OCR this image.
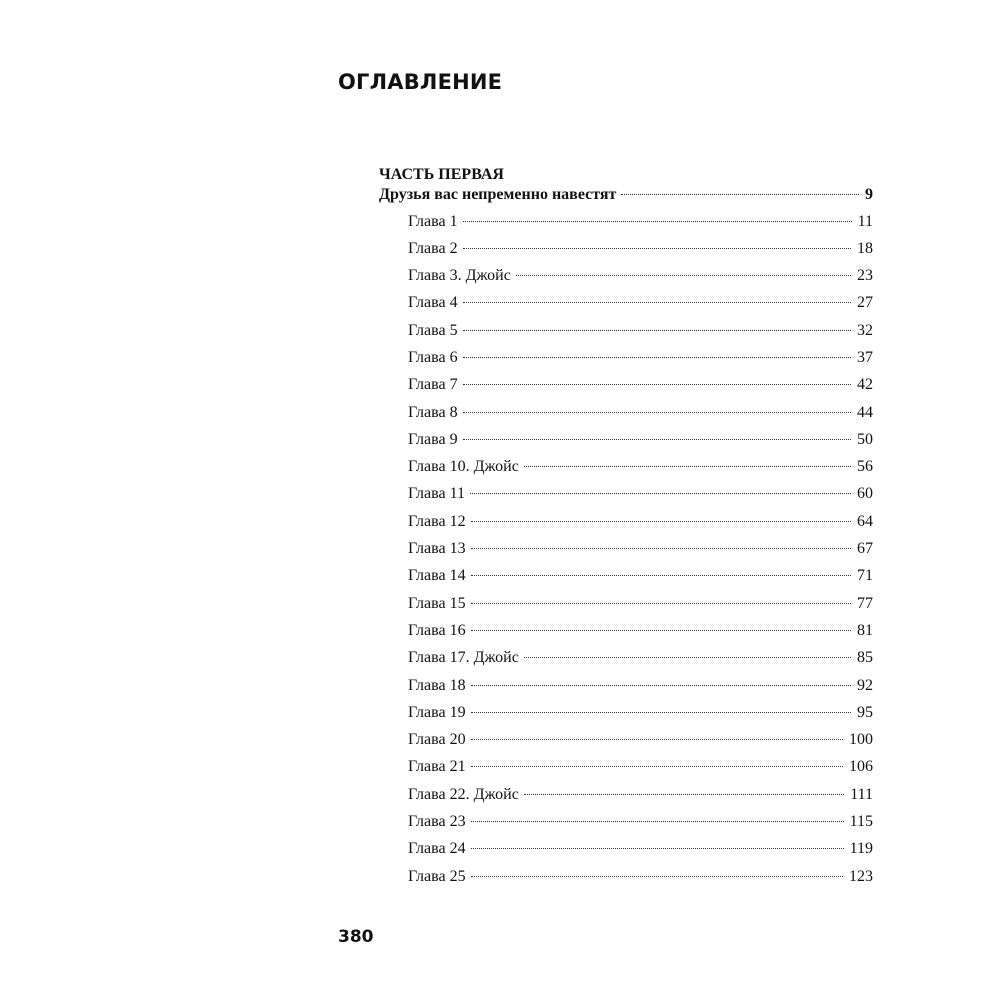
ОГЛАВЛЕНИЕ
ЧАСТЬ ПЕРВАЯ
Друзья вас непременно навестят	9
Глава 1	11
Глава 2	18
Глава 3. Джойс	23
Глава 4	27
Глава 5	32
Глава 6	37
Глава 7	42
Глава 8	44
Глава 9	50
Глава 10. Джойс	56
Глава 11	60
Глава 12	64
Глава 13	67
Глава 14	71
Глава 15	77
Глава 16	81
Глава 17. Джойс	85
Глава 18	92
Глава 19	95
Глава 20	100
Глава 21	106
Глава 22. Джойс	111
Глава 23	115
Глава 24	119
Глава 25	123
380
